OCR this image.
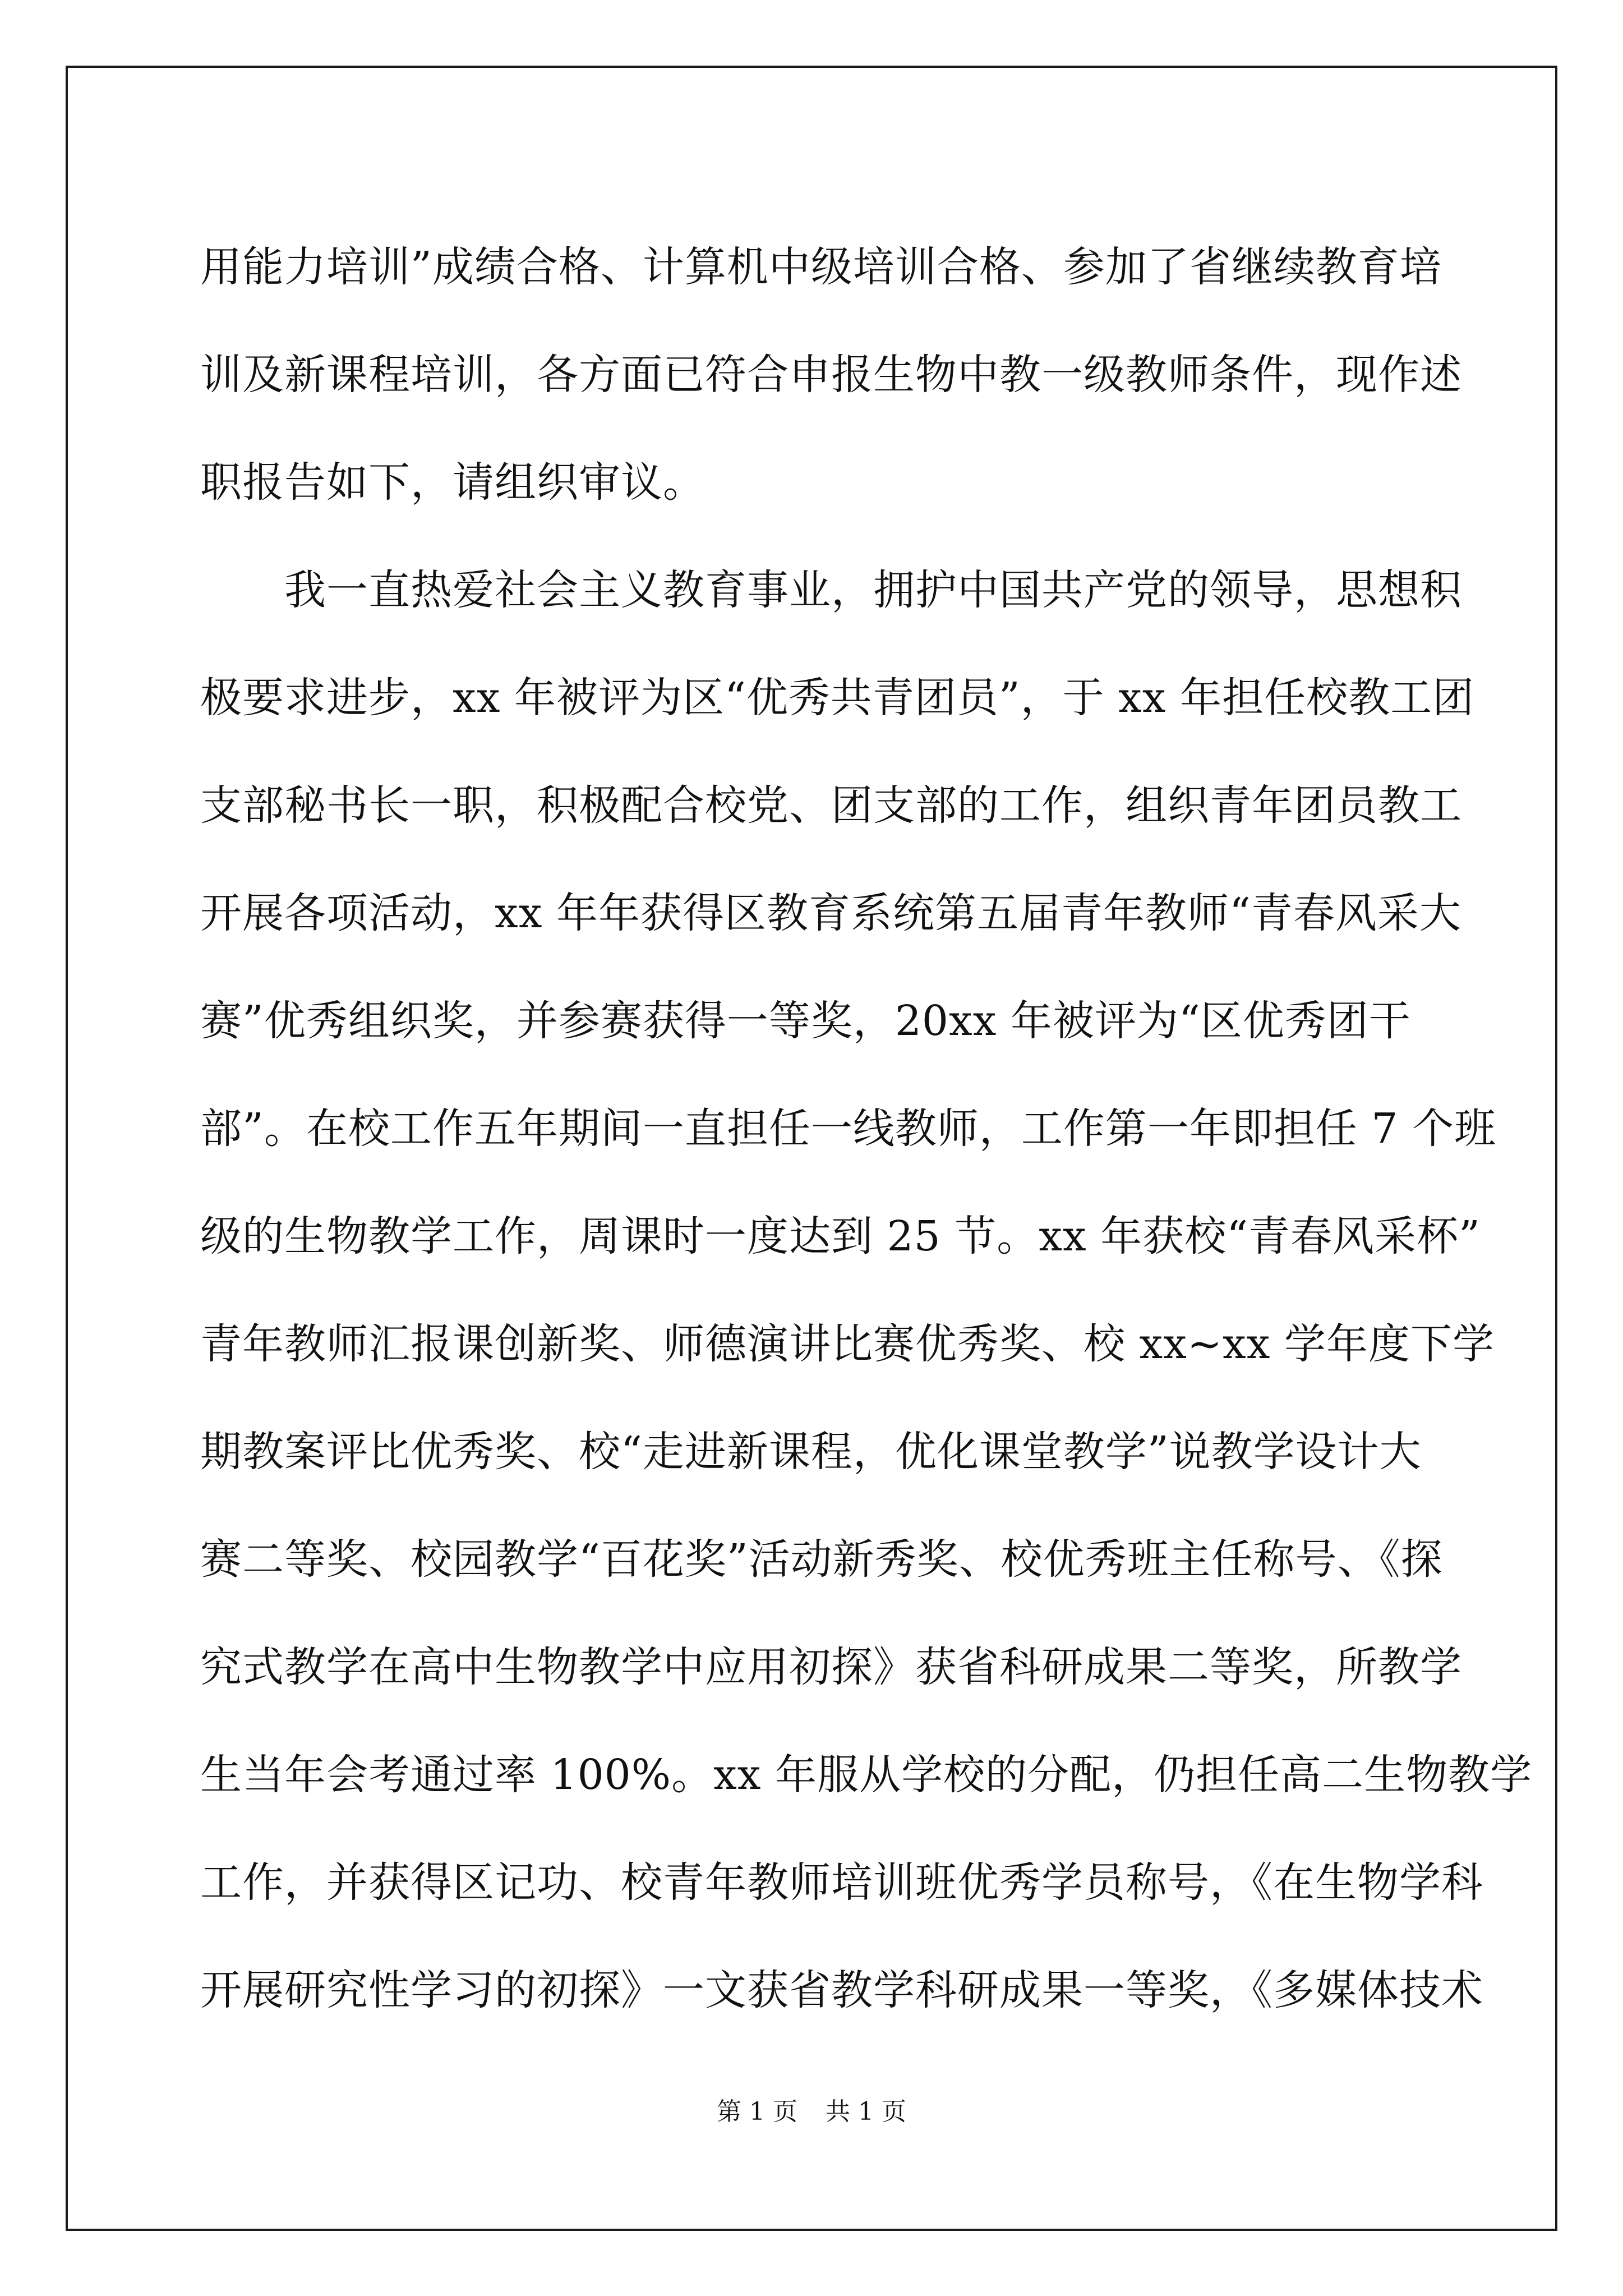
用能力培训”成绩合格、计算机中级培训合格、参加了省继续教育培
训及新课程培训，各方面已符合申报生物中教一级教师条件，现作述
职报告如下，请组织审议。
我一直热爱社会主义教育事业，拥护中国共产党的领导，思想积
极要求进步，xx 年被评为区“优秀共青团员”，于 xx 年担任校教工团
支部秘书长一职，积极配合校党、团支部的工作，组织青年团员教工
开展各项活动，xx 年年获得区教育系统第五届青年教师“青春风采大
赛”优秀组织奖，并参赛获得一等奖，20xx 年被评为“区优秀团干
部”。在校工作五年期间一直担任一线教师，工作第一年即担任 7 个班
级的生物教学工作，周课时一度达到 25 节。xx 年获校“青春风采杯”
青年教师汇报课创新奖、师德演讲比赛优秀奖、校 xx~xx 学年度下学
期教案评比优秀奖、校“走进新课程，优化课堂教学”说教学设计大
赛二等奖、校园教学“百花奖”活动新秀奖、校优秀班主任称号、《探
究式教学在高中生物教学中应用初探》获省科研成果二等奖，所教学
生当年会考通过率 100%。xx 年服从学校的分配，仍担任高二生物教学
工作，并获得区记功、校青年教师培训班优秀学员称号，《在生物学科
开展研究性学习的初探》一文获省教学科研成果一等奖，《多媒体技术
第 1 页 共 1 页
